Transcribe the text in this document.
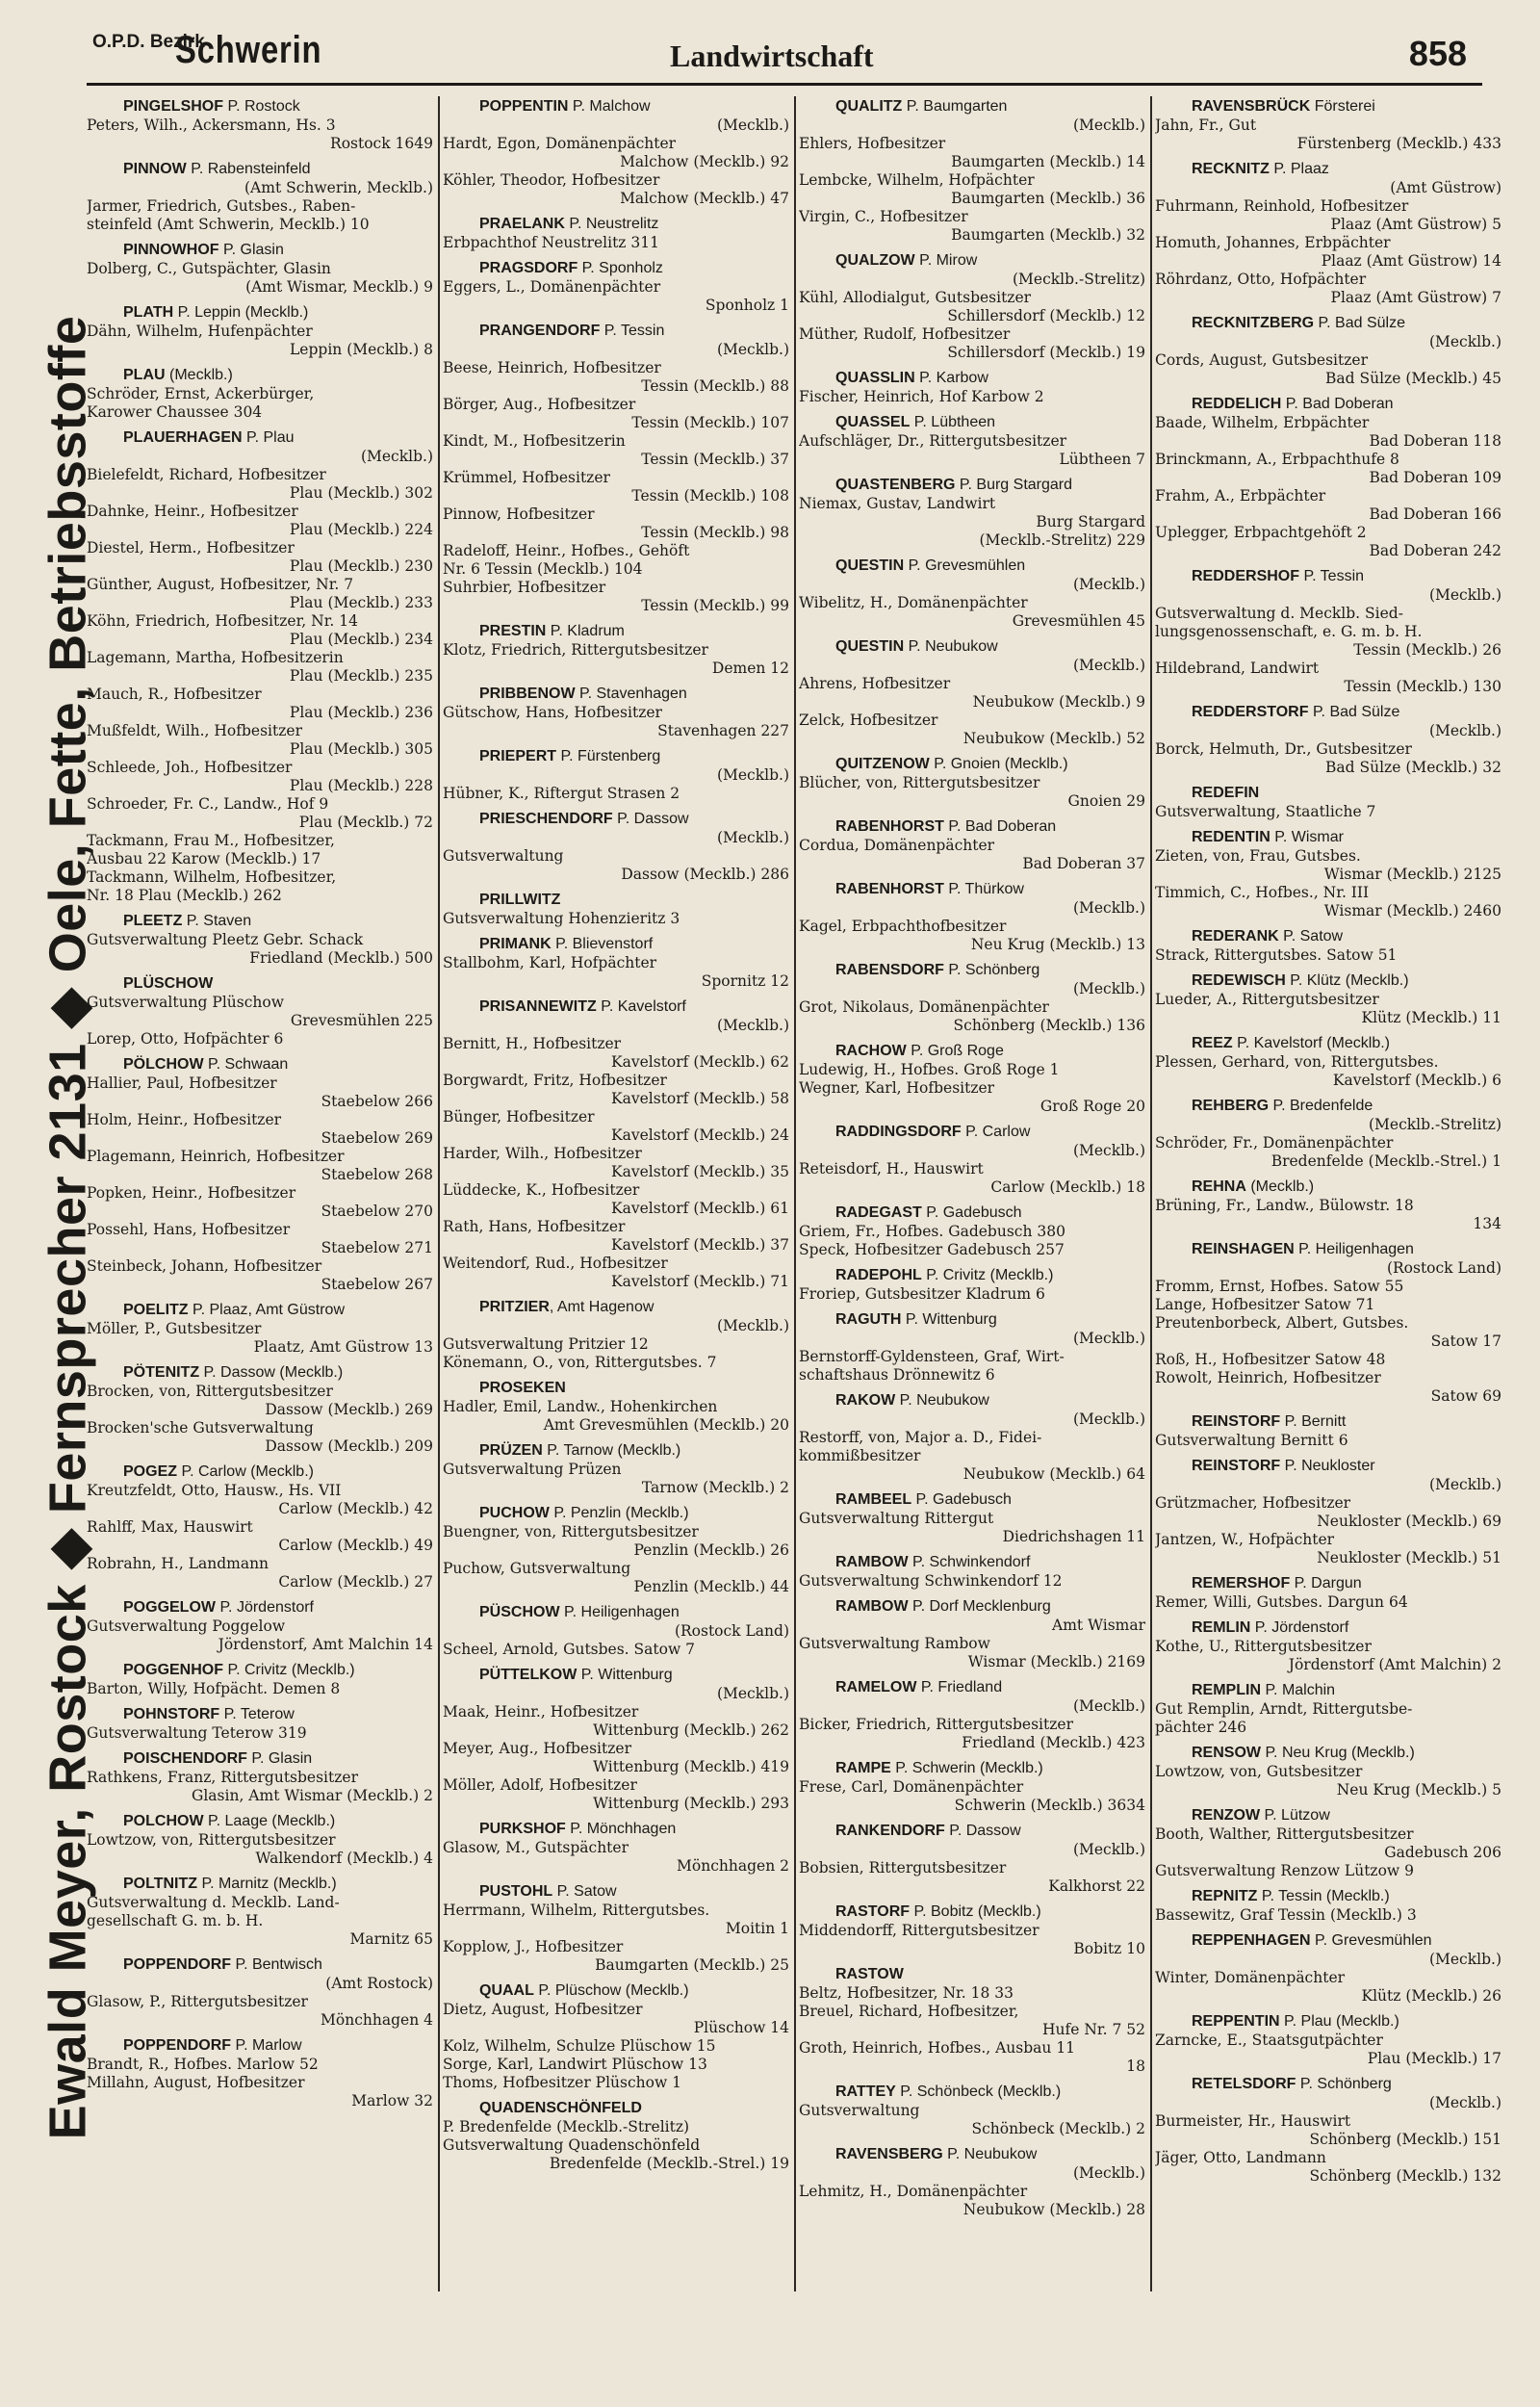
O.P.D. Bezirk
Schwerin	Landwirtschaft	858
Ewald Meyer, Rostock ◆ Fernsprecher 2131 ◆ Oele, Fette, Betriebsstoffe
PINGELSHOF P. Rostock
Peters, Wilh., Ackersmann, Hs. 3
Rostock 1649
PINNOW P. Rabensteinfeld
(Amt Schwerin, Mecklb.)
Jarmer, Friedrich, Gutsbes., Raben-
steinfeld (Amt Schwerin, Mecklb.) 10
PINNOWHOF P. Glasin
Dolberg, C., Gutspächter, Glasin
(Amt Wismar, Mecklb.) 9
PLATH P. Leppin (Mecklb.)
Dähn, Wilhelm, Hufenpächter
Leppin (Mecklb.) 8
PLAU (Mecklb.)
Schröder, Ernst, Ackerbürger,
Karower Chaussee 304
PLAUERHAGEN P. Plau
(Mecklb.)
Bielefeldt, Richard, Hofbesitzer
Plau (Mecklb.) 302
Dahnke, Heinr., Hofbesitzer
Plau (Mecklb.) 224
Diestel, Herm., Hofbesitzer
Plau (Mecklb.) 230
Günther, August, Hofbesitzer, Nr. 7
Plau (Mecklb.) 233
Köhn, Friedrich, Hofbesitzer, Nr. 14
Plau (Mecklb.) 234
Lagemann, Martha, Hofbesitzerin
Plau (Mecklb.) 235
Mauch, R., Hofbesitzer
Plau (Mecklb.) 236
Mußfeldt, Wilh., Hofbesitzer
Plau (Mecklb.) 305
Schleede, Joh., Hofbesitzer
Plau (Mecklb.) 228
Schroeder, Fr. C., Landw., Hof 9
Plau (Mecklb.) 72
Tackmann, Frau M., Hofbesitzer,
Ausbau 22 Karow (Mecklb.) 17
Tackmann, Wilhelm, Hofbesitzer,
Nr. 18 Plau (Mecklb.) 262
PLEETZ P. Staven
Gutsverwaltung Pleetz Gebr. Schack
Friedland (Mecklb.) 500
PLÜSCHOW
Gutsverwaltung Plüschow
Grevesmühlen 225
Lorep, Otto, Hofpächter 6
PÖLCHOW P. Schwaan
Hallier, Paul, Hofbesitzer
Staebelow 266
Holm, Heinr., Hofbesitzer
Staebelow 269
Plagemann, Heinrich, Hofbesitzer
Staebelow 268
Popken, Heinr., Hofbesitzer
Staebelow 270
Possehl, Hans, Hofbesitzer
Staebelow 271
Steinbeck, Johann, Hofbesitzer
Staebelow 267
POELITZ P. Plaaz, Amt Güstrow
Möller, P., Gutsbesitzer
Plaatz, Amt Güstrow 13
PÖTENITZ P. Dassow (Mecklb.)
Brocken, von, Rittergutsbesitzer
Dassow (Mecklb.) 269
Brocken'sche Gutsverwaltung
Dassow (Mecklb.) 209
POGEZ P. Carlow (Mecklb.)
Kreutzfeldt, Otto, Hausw., Hs. VII
Carlow (Mecklb.) 42
Rahlff, Max, Hauswirt
Carlow (Mecklb.) 49
Robrahn, H., Landmann
Carlow (Mecklb.) 27
POGGELOW P. Jördenstorf
Gutsverwaltung Poggelow
Jördenstorf, Amt Malchin 14
POGGENHOF P. Crivitz (Mecklb.)
Barton, Willy, Hofpächt. Demen 8
POHNSTORF P. Teterow
Gutsverwaltung Teterow 319
POISCHENDORF P. Glasin
Rathkens, Franz, Rittergutsbesitzer
Glasin, Amt Wismar (Mecklb.) 2
POLCHOW P. Laage (Mecklb.)
Lowtzow, von, Rittergutsbesitzer
Walkendorf (Mecklb.) 4
POLTNITZ P. Marnitz (Mecklb.)
Gutsverwaltung d. Mecklb. Land-
gesellschaft G. m. b. H.
Marnitz 65
POPPENDORF P. Bentwisch
(Amt Rostock)
Glasow, P., Rittergutsbesitzer
Mönchhagen 4
POPPENDORF P. Marlow
Brandt, R., Hofbes. Marlow 52
Millahn, August, Hofbesitzer
Marlow 32
POPPENTIN P. Malchow
(Mecklb.)
Hardt, Egon, Domänenpächter
Malchow (Mecklb.) 92
Köhler, Theodor, Hofbesitzer
Malchow (Mecklb.) 47
PRAELANK P. Neustrelitz
Erbpachthof Neustrelitz 311
PRAGSDORF P. Sponholz
Eggers, L., Domänenpächter
Sponholz 1
PRANGENDORF P. Tessin
(Mecklb.)
Beese, Heinrich, Hofbesitzer
Tessin (Mecklb.) 88
Börger, Aug., Hofbesitzer
Tessin (Mecklb.) 107
Kindt, M., Hofbesitzerin
Tessin (Mecklb.) 37
Krümmel, Hofbesitzer
Tessin (Mecklb.) 108
Pinnow, Hofbesitzer
Tessin (Mecklb.) 98
Radeloff, Heinr., Hofbes., Gehöft
Nr. 6 Tessin (Mecklb.) 104
Suhrbier, Hofbesitzer
Tessin (Mecklb.) 99
PRESTIN P. Kladrum
Klotz, Friedrich, Rittergutsbesitzer
Demen 12
PRIBBENOW P. Stavenhagen
Gütschow, Hans, Hofbesitzer
Stavenhagen 227
PRIEPERT P. Fürstenberg
(Mecklb.)
Hübner, K., Riftergut Strasen 2
PRIESCHENDORF P. Dassow
(Mecklb.)
Gutsverwaltung
Dassow (Mecklb.) 286
PRILLWITZ
Gutsverwaltung Hohenzieritz 3
PRIMANK P. Blievenstorf
Stallbohm, Karl, Hofpächter
Spornitz 12
PRISANNEWITZ P. Kavelstorf
(Mecklb.)
Bernitt, H., Hofbesitzer
Kavelstorf (Mecklb.) 62
Borgwardt, Fritz, Hofbesitzer
Kavelstorf (Mecklb.) 58
Bünger, Hofbesitzer
Kavelstorf (Mecklb.) 24
Harder, Wilh., Hofbesitzer
Kavelstorf (Mecklb.) 35
Lüddecke, K., Hofbesitzer
Kavelstorf (Mecklb.) 61
Rath, Hans, Hofbesitzer
Kavelstorf (Mecklb.) 37
Weitendorf, Rud., Hofbesitzer
Kavelstorf (Mecklb.) 71
PRITZIER, Amt Hagenow
(Mecklb.)
Gutsverwaltung Pritzier 12
Könemann, O., von, Rittergutsbes. 7
PROSEKEN
Hadler, Emil, Landw., Hohenkirchen
Amt Grevesmühlen (Mecklb.) 20
PRÜZEN P. Tarnow (Mecklb.)
Gutsverwaltung Prüzen
Tarnow (Mecklb.) 2
PUCHOW P. Penzlin (Mecklb.)
Buengner, von, Rittergutsbesitzer
Penzlin (Mecklb.) 26
Puchow, Gutsverwaltung
Penzlin (Mecklb.) 44
PÜSCHOW P. Heiligenhagen
(Rostock Land)
Scheel, Arnold, Gutsbes. Satow 7
PÜTTELKOW P. Wittenburg
(Mecklb.)
Maak, Heinr., Hofbesitzer
Wittenburg (Mecklb.) 262
Meyer, Aug., Hofbesitzer
Wittenburg (Mecklb.) 419
Möller, Adolf, Hofbesitzer
Wittenburg (Mecklb.) 293
PURKSHOF P. Mönchhagen
Glasow, M., Gutspächter
Mönchhagen 2
PUSTOHL P. Satow
Herrmann, Wilhelm, Rittergutsbes.
Moitin 1
Kopplow, J., Hofbesitzer
Baumgarten (Mecklb.) 25
QUAAL P. Plüschow (Mecklb.)
Dietz, August, Hofbesitzer
Plüschow 14
Kolz, Wilhelm, Schulze Plüschow 15
Sorge, Karl, Landwirt Plüschow 13
Thoms, Hofbesitzer Plüschow 1
QUADENSCHÖNFELD
P. Bredenfelde (Mecklb.-Strelitz)
Gutsverwaltung Quadenschönfeld
Bredenfelde (Mecklb.-Strel.) 19
QUALITZ P. Baumgarten
(Mecklb.)
Ehlers, Hofbesitzer
Baumgarten (Mecklb.) 14
Lembcke, Wilhelm, Hofpächter
Baumgarten (Mecklb.) 36
Virgin, C., Hofbesitzer
Baumgarten (Mecklb.) 32
QUALZOW P. Mirow
(Mecklb.-Strelitz)
Kühl, Allodialgut, Gutsbesitzer
Schillersdorf (Mecklb.) 12
Müther, Rudolf, Hofbesitzer
Schillersdorf (Mecklb.) 19
QUASSLIN P. Karbow
Fischer, Heinrich, Hof Karbow 2
QUASSEL P. Lübtheen
Aufschläger, Dr., Rittergutsbesitzer
Lübtheen 7
QUASTENBERG P. Burg Stargard
Niemax, Gustav, Landwirt
Burg Stargard
(Mecklb.-Strelitz) 229
QUESTIN P. Grevesmühlen
(Mecklb.)
Wibelitz, H., Domänenpächter
Grevesmühlen 45
QUESTIN P. Neubukow
(Mecklb.)
Ahrens, Hofbesitzer
Neubukow (Mecklb.) 9
Zelck, Hofbesitzer
Neubukow (Mecklb.) 52
QUITZENOW P. Gnoien (Mecklb.)
Blücher, von, Rittergutsbesitzer
Gnoien 29
RABENHORST P. Bad Doberan
Cordua, Domänenpächter
Bad Doberan 37
RABENHORST P. Thürkow
(Mecklb.)
Kagel, Erbpachthofbesitzer
Neu Krug (Mecklb.) 13
RABENSDORF P. Schönberg
(Mecklb.)
Grot, Nikolaus, Domänenpächter
Schönberg (Mecklb.) 136
RACHOW P. Groß Roge
Ludewig, H., Hofbes. Groß Roge 1
Wegner, Karl, Hofbesitzer
Groß Roge 20
RADDINGSDORF P. Carlow
(Mecklb.)
Reteisdorf, H., Hauswirt
Carlow (Mecklb.) 18
RADEGAST P. Gadebusch
Griem, Fr., Hofbes. Gadebusch 380
Speck, Hofbesitzer Gadebusch 257
RADEPOHL P. Crivitz (Mecklb.)
Froriep, Gutsbesitzer Kladrum 6
RAGUTH P. Wittenburg
(Mecklb.)
Bernstorff-Gyldensteen, Graf, Wirt-
schaftshaus Drönnewitz 6
RAKOW P. Neubukow
(Mecklb.)
Restorff, von, Major a. D., Fidei-
kommißbesitzer
Neubukow (Mecklb.) 64
RAMBEEL P. Gadebusch
Gutsverwaltung Rittergut
Diedrichshagen 11
RAMBOW P. Schwinkendorf
Gutsverwaltung Schwinkendorf 12
RAMBOW P. Dorf Mecklenburg
Amt Wismar
Gutsverwaltung Rambow
Wismar (Mecklb.) 2169
RAMELOW P. Friedland
(Mecklb.)
Bicker, Friedrich, Rittergutsbesitzer
Friedland (Mecklb.) 423
RAMPE P. Schwerin (Mecklb.)
Frese, Carl, Domänenpächter
Schwerin (Mecklb.) 3634
RANKENDORF P. Dassow
(Mecklb.)
Bobsien, Rittergutsbesitzer
Kalkhorst 22
RASTORF P. Bobitz (Mecklb.)
Middendorff, Rittergutsbesitzer
Bobitz 10
RASTOW
Beltz, Hofbesitzer, Nr. 18 33
Breuel, Richard, Hofbesitzer,
Hufe Nr. 7 52
Groth, Heinrich, Hofbes., Ausbau 11
18
RATTEY P. Schönbeck (Mecklb.)
Gutsverwaltung
Schönbeck (Mecklb.) 2
RAVENSBERG P. Neubukow
(Mecklb.)
Lehmitz, H., Domänenpächter
Neubukow (Mecklb.) 28
RAVENSBRÜCK Försterei
Jahn, Fr., Gut
Fürstenberg (Mecklb.) 433
RECKNITZ P. Plaaz
(Amt Güstrow)
Fuhrmann, Reinhold, Hofbesitzer
Plaaz (Amt Güstrow) 5
Homuth, Johannes, Erbpächter
Plaaz (Amt Güstrow) 14
Röhrdanz, Otto, Hofpächter
Plaaz (Amt Güstrow) 7
RECKNITZBERG P. Bad Sülze
(Mecklb.)
Cords, August, Gutsbesitzer
Bad Sülze (Mecklb.) 45
REDDELICH P. Bad Doberan
Baade, Wilhelm, Erbpächter
Bad Doberan 118
Brinckmann, A., Erbpachthufe 8
Bad Doberan 109
Frahm, A., Erbpächter
Bad Doberan 166
Uplegger, Erbpachtgehöft 2
Bad Doberan 242
REDDERSHOF P. Tessin
(Mecklb.)
Gutsverwaltung d. Mecklb. Sied-
lungsgenossenschaft, e. G. m. b. H.
Tessin (Mecklb.) 26
Hildebrand, Landwirt
Tessin (Mecklb.) 130
REDDERSTORF P. Bad Sülze
(Mecklb.)
Borck, Helmuth, Dr., Gutsbesitzer
Bad Sülze (Mecklb.) 32
REDEFIN
Gutsverwaltung, Staatliche 7
REDENTIN P. Wismar
Zieten, von, Frau, Gutsbes.
Wismar (Mecklb.) 2125
Timmich, C., Hofbes., Nr. III
Wismar (Mecklb.) 2460
REDERANK P. Satow
Strack, Rittergutsbes. Satow 51
REDEWISCH P. Klütz (Mecklb.)
Lueder, A., Rittergutsbesitzer
Klütz (Mecklb.) 11
REEZ P. Kavelstorf (Mecklb.)
Plessen, Gerhard, von, Rittergutsbes.
Kavelstorf (Mecklb.) 6
REHBERG P. Bredenfelde
(Mecklb.-Strelitz)
Schröder, Fr., Domänenpächter
Bredenfelde (Mecklb.-Strel.) 1
REHNA (Mecklb.)
Brüning, Fr., Landw., Bülowstr. 18
134
REINSHAGEN P. Heiligenhagen
(Rostock Land)
Fromm, Ernst, Hofbes. Satow 55
Lange, Hofbesitzer Satow 71
Preutenborbeck, Albert, Gutsbes.
Satow 17
Roß, H., Hofbesitzer Satow 48
Rowolt, Heinrich, Hofbesitzer
Satow 69
REINSTORF P. Bernitt
Gutsverwaltung Bernitt 6
REINSTORF P. Neukloster
(Mecklb.)
Grützmacher, Hofbesitzer
Neukloster (Mecklb.) 69
Jantzen, W., Hofpächter
Neukloster (Mecklb.) 51
REMERSHOF P. Dargun
Remer, Willi, Gutsbes. Dargun 64
REMLIN P. Jördenstorf
Kothe, U., Rittergutsbesitzer
Jördenstorf (Amt Malchin) 2
REMPLIN P. Malchin
Gut Remplin, Arndt, Rittergutsbe-
pächter 246
RENSOW P. Neu Krug (Mecklb.)
Lowtzow, von, Gutsbesitzer
Neu Krug (Mecklb.) 5
RENZOW P. Lützow
Booth, Walther, Rittergutsbesitzer
Gadebusch 206
Gutsverwaltung Renzow Lützow 9
REPNITZ P. Tessin (Mecklb.)
Bassewitz, Graf Tessin (Mecklb.) 3
REPPENHAGEN P. Grevesmühlen
(Mecklb.)
Winter, Domänenpächter
Klütz (Mecklb.) 26
REPPENTIN P. Plau (Mecklb.)
Zarncke, E., Staatsgutpächter
Plau (Mecklb.) 17
RETELSDORF P. Schönberg
(Mecklb.)
Burmeister, Hr., Hauswirt
Schönberg (Mecklb.) 151
Jäger, Otto, Landmann
Schönberg (Mecklb.) 132
